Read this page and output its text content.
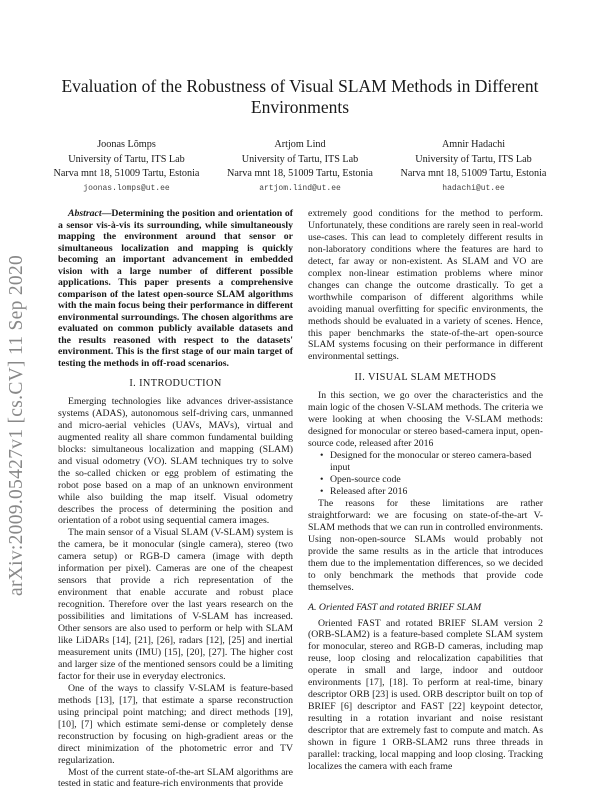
Evaluation of the Robustness of Visual SLAM Methods in Different Environments
Joonas Lõmps
University of Tartu, ITS Lab
Narva mnt 18, 51009 Tartu, Estonia
joonas.lomps@ut.ee
Artjom Lind
University of Tartu, ITS Lab
Narva mnt 18, 51009 Tartu, Estonia
artjom.lind@ut.ee
Amnir Hadachi
University of Tartu, ITS Lab
Narva mnt 18, 51009 Tartu, Estonia
hadachi@ut.ee
arXiv:2009.05427v1 [cs.CV] 11 Sep 2020

Abstract—Determining the position and orientation of a sensor vis-à-vis its surrounding, while simultaneously mapping the environment around that sensor or simultaneous localization and mapping is quickly becoming an important advancement in embedded vision with a large number of different possible applications. This paper presents a comprehensive comparison of the latest open-source SLAM algorithms with the main focus being their performance in different environmental surroundings. The chosen algorithms are evaluated on common publicly available datasets and the results reasoned with respect to the datasets' environment. This is the first stage of our main target of testing the methods in off-road scenarios.

I. INTRODUCTION

Emerging technologies like advances driver-assistance systems (ADAS), autonomous self-driving cars, unmanned and micro-aerial vehicles (UAVs, MAVs), virtual and augmented reality all share common fundamental building blocks: simultaneous localization and mapping (SLAM) and visual odometry (VO). SLAM techniques try to solve the so-called chicken or egg problem of estimating the robot pose based on a map of an unknown environment while also building the map itself. Visual odometry describes the process of determining the position and orientation of a robot using sequential camera images.

The main sensor of a Visual SLAM (V-SLAM) system is the camera, be it monocular (single camera), stereo (two camera setup) or RGB-D camera (image with depth information per pixel). Cameras are one of the cheapest sensors that provide a rich representation of the environment that enable accurate and robust place recognition. Therefore over the last years research on the possibilities and limitations of V-SLAM has increased. Other sensors are also used to perform or help with SLAM like LiDARs [14], [21], [26], radars [12], [25] and inertial measurement units (IMU) [15], [20], [27]. The higher cost and larger size of the mentioned sensors could be a limiting factor for their use in everyday electronics.

One of the ways to classify V-SLAM is feature-based methods [13], [17], that estimate a sparse reconstruction using principal point matching; and direct methods [19], [10], [7] which estimate semi-dense or completely dense reconstruction by focusing on high-gradient areas or the direct minimization of the photometric error and TV regularization.

Most of the current state-of-the-art SLAM algorithms are tested in static and feature-rich environments that provide

extremely good conditions for the method to perform. Unfortunately, these conditions are rarely seen in real-world use-cases. This can lead to completely different results in non-laboratory conditions where the features are hard to detect, far away or non-existent. As SLAM and VO are complex non-linear estimation problems where minor changes can change the outcome drastically. To get a worthwhile comparison of different algorithms while avoiding manual overfitting for specific environments, the methods should be evaluated in a variety of scenes. Hence, this paper benchmarks the state-of-the-art open-source SLAM systems focusing on their performance in different environmental settings.

II. VISUAL SLAM METHODS

In this section, we go over the characteristics and the main logic of the chosen V-SLAM methods. The criteria we were looking at when choosing the V-SLAM methods: designed for monocular or stereo based-camera input, open-source code, released after 2016

• Designed for the monocular or stereo camera-based input
• Open-source code
• Released after 2016

The reasons for these limitations are rather straightforward: we are focusing on state-of-the-art V-SLAM methods that we can run in controlled environments. Using non-open-source SLAMs would probably not provide the same results as in the article that introduces them due to the implementation differences, so we decided to only benchmark the methods that provide code themselves.

A. Oriented FAST and rotated BRIEF SLAM

Oriented FAST and rotated BRIEF SLAM version 2 (ORB-SLAM2) is a feature-based complete SLAM system for monocular, stereo and RGB-D cameras, including map reuse, loop closing and relocalization capabilities that operate in small and large, indoor and outdoor environments [17], [18]. To perform at real-time, binary descriptor ORB [23] is used. ORB descriptor built on top of BRIEF [6] descriptor and FAST [22] keypoint detector, resulting in a rotation invariant and noise resistant descriptor that are extremely fast to compute and match. As shown in figure 1 ORB-SLAM2 runs three threads in parallel: tracking, local mapping and loop closing. Tracking localizes the camera with each frame
